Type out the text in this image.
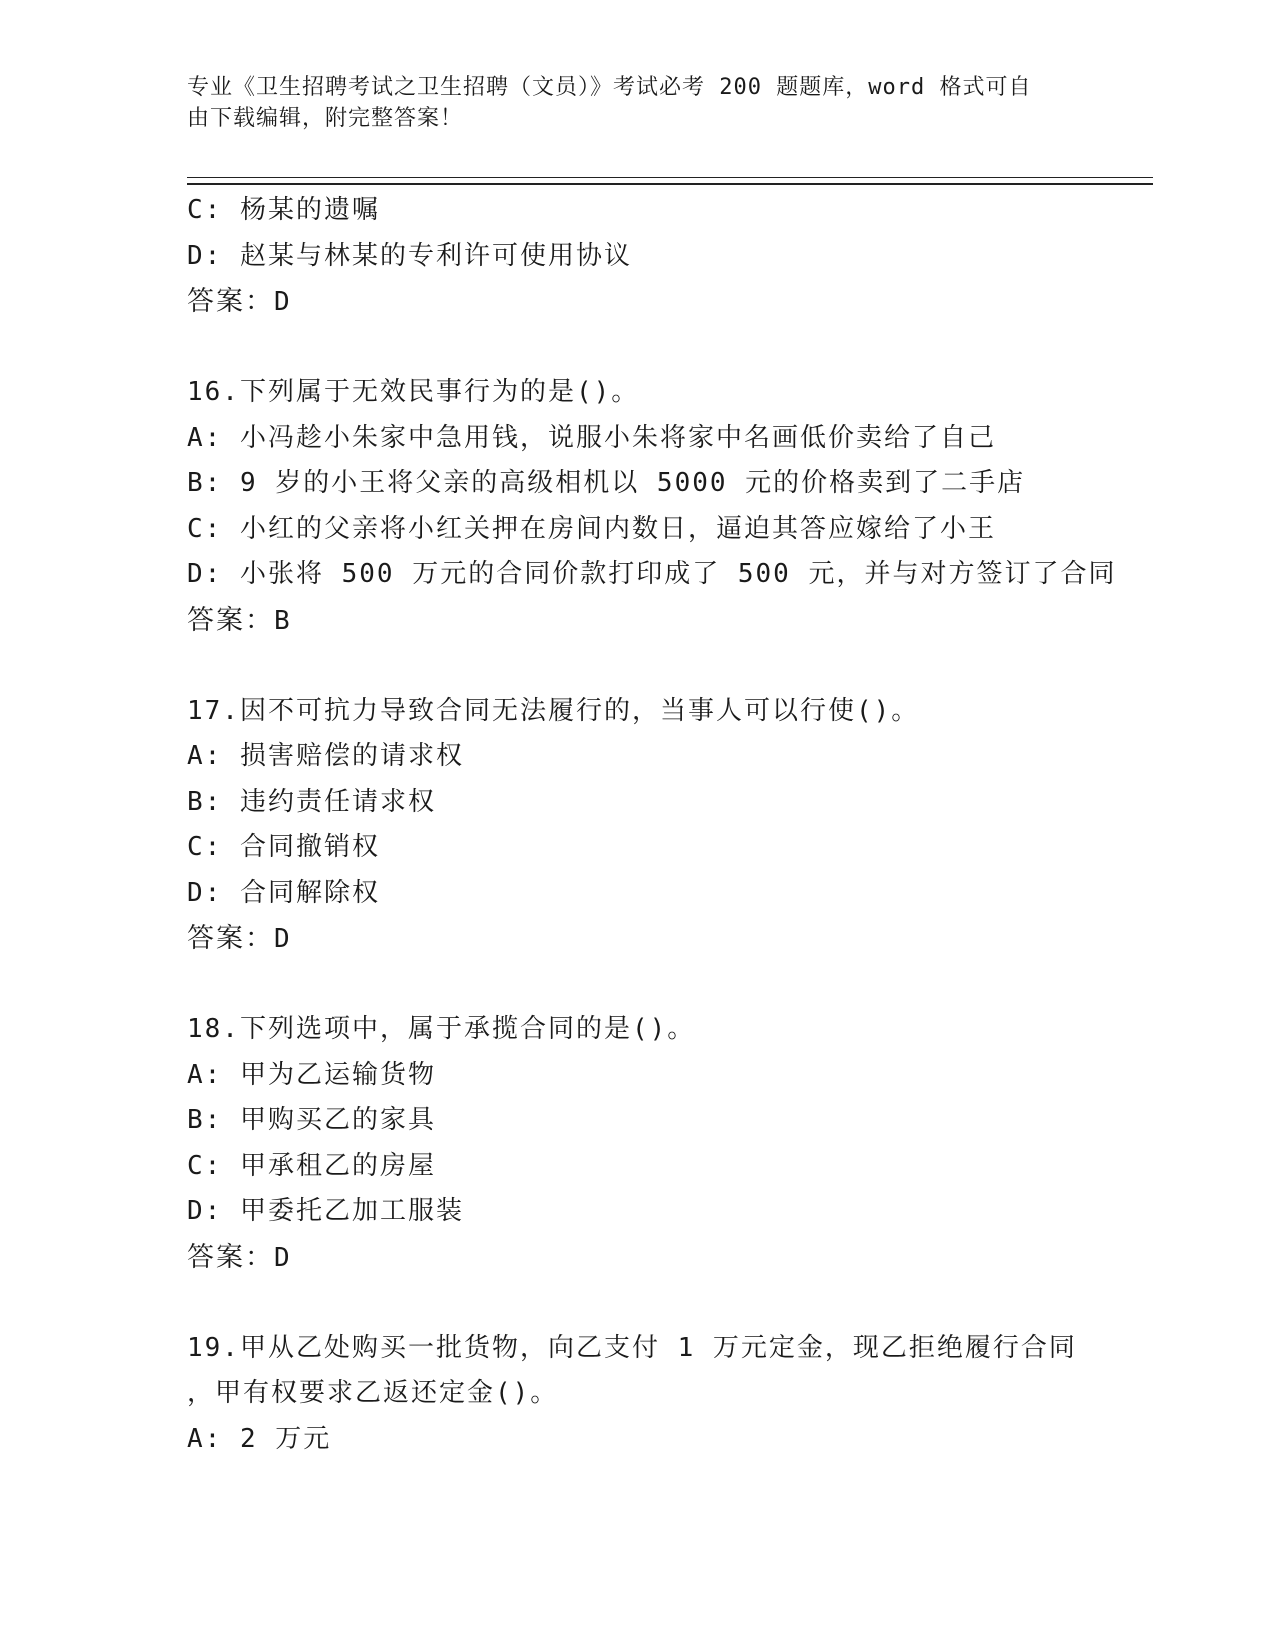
专业《卫生招聘考试之卫生招聘（文员）》考试必考 200 题题库，word 格式可自
由下载编辑，附完整答案！
C: 杨某的遗嘱
D: 赵某与林某的专利许可使用协议
答案：D
16.下列属于无效民事行为的是()。
A: 小冯趁小朱家中急用钱，说服小朱将家中名画低价卖给了自己
B: 9 岁的小王将父亲的高级相机以 5000 元的价格卖到了二手店
C: 小红的父亲将小红关押在房间内数日，逼迫其答应嫁给了小王
D: 小张将 500 万元的合同价款打印成了 500 元，并与对方签订了合同
答案：B
17.因不可抗力导致合同无法履行的，当事人可以行使()。
A: 损害赔偿的请求权
B: 违约责任请求权
C: 合同撤销权
D: 合同解除权
答案：D
18.下列选项中，属于承揽合同的是()。
A: 甲为乙运输货物
B: 甲购买乙的家具
C: 甲承租乙的房屋
D: 甲委托乙加工服装
答案：D
19.甲从乙处购买一批货物，向乙支付 1 万元定金，现乙拒绝履行合同
，甲有权要求乙返还定金()。
A: 2 万元
